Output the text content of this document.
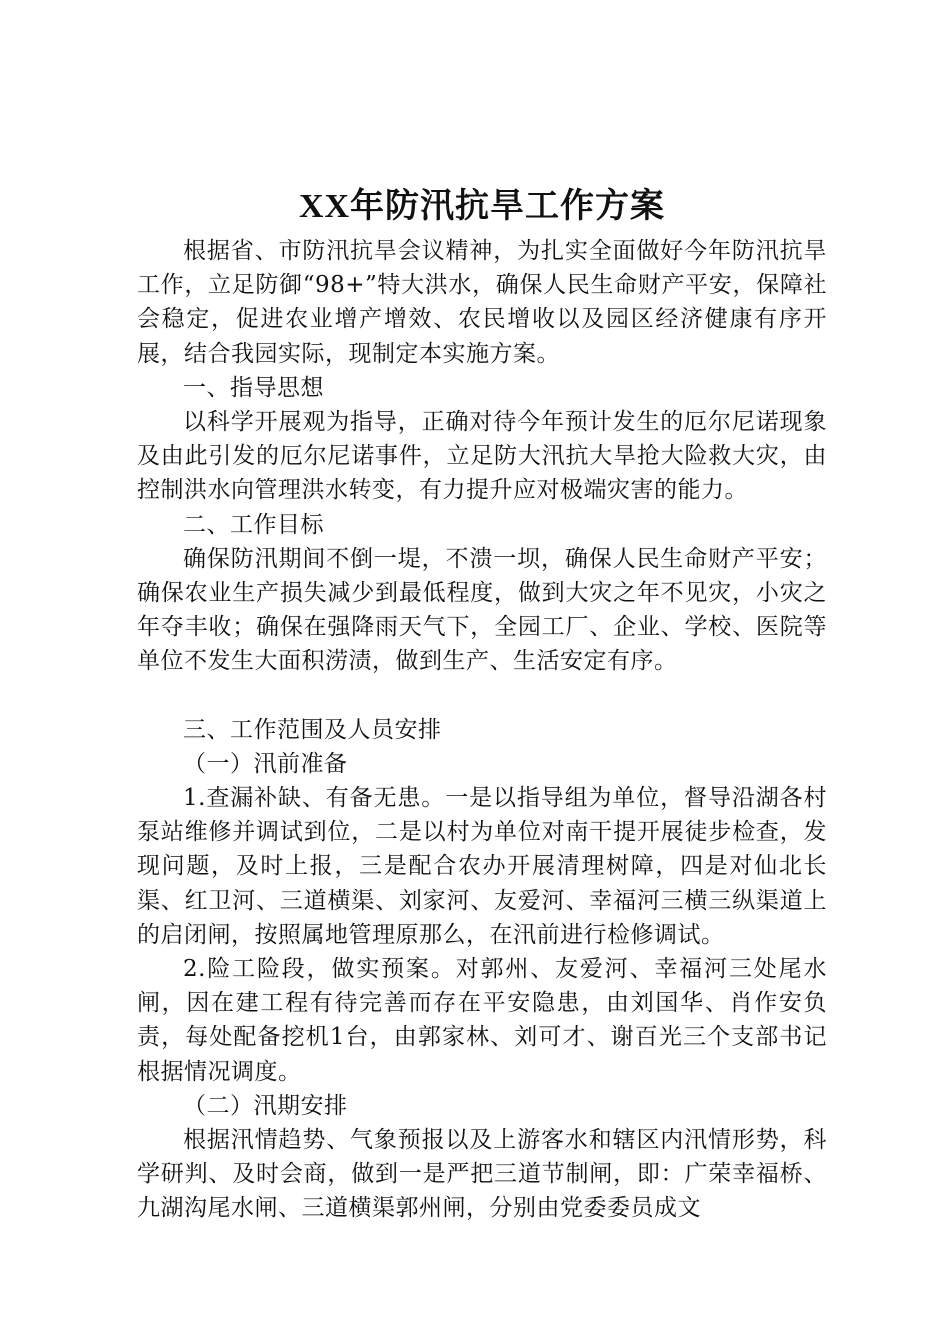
XX年防汛抗旱工作方案

根据省、市防汛抗旱会议精神，为扎实全面做好今年防汛抗旱工作，立足防御“98+”特大洪水，确保人民生命财产平安，保障社会稳定，促进农业增产增效、农民增收以及园区经济健康有序开展，结合我园实际，现制定本实施方案。

一、指导思想

以科学开展观为指导，正确对待今年预计发生的厄尔尼诺现象及由此引发的厄尔尼诺事件，立足防大汛抗大旱抢大险救大灾，由控制洪水向管理洪水转变，有力提升应对极端灾害的能力。

二、工作目标

确保防汛期间不倒一堤，不溃一坝，确保人民生命财产平安；确保农业生产损失减少到最低程度，做到大灾之年不见灾，小灾之年夺丰收；确保在强降雨天气下，全园工厂、企业、学校、医院等单位不发生大面积涝渍，做到生产、生活安定有序。

三、工作范围及人员安排

（一）汛前准备

1.查漏补缺、有备无患。一是以指导组为单位，督导沿湖各村泵站维修并调试到位，二是以村为单位对南干提开展徒步检查，发现问题，及时上报，三是配合农办开展清理树障，四是对仙北长渠、红卫河、三道横渠、刘家河、友爱河、幸福河三横三纵渠道上的启闭闸，按照属地管理原那么，在汛前进行检修调试。

2.险工险段，做实预案。对郭州、友爱河、幸福河三处尾水闸，因在建工程有待完善而存在平安隐患，由刘国华、肖作安负责，每处配备挖机1台，由郭家林、刘可才、谢百光三个支部书记根据情况调度。

（二）汛期安排

根据汛情趋势、气象预报以及上游客水和辖区内汛情形势，科学研判、及时会商，做到一是严把三道节制闸，即：广荣幸福桥、九湖沟尾水闸、三道横渠郭州闸，分别由党委委员成文
